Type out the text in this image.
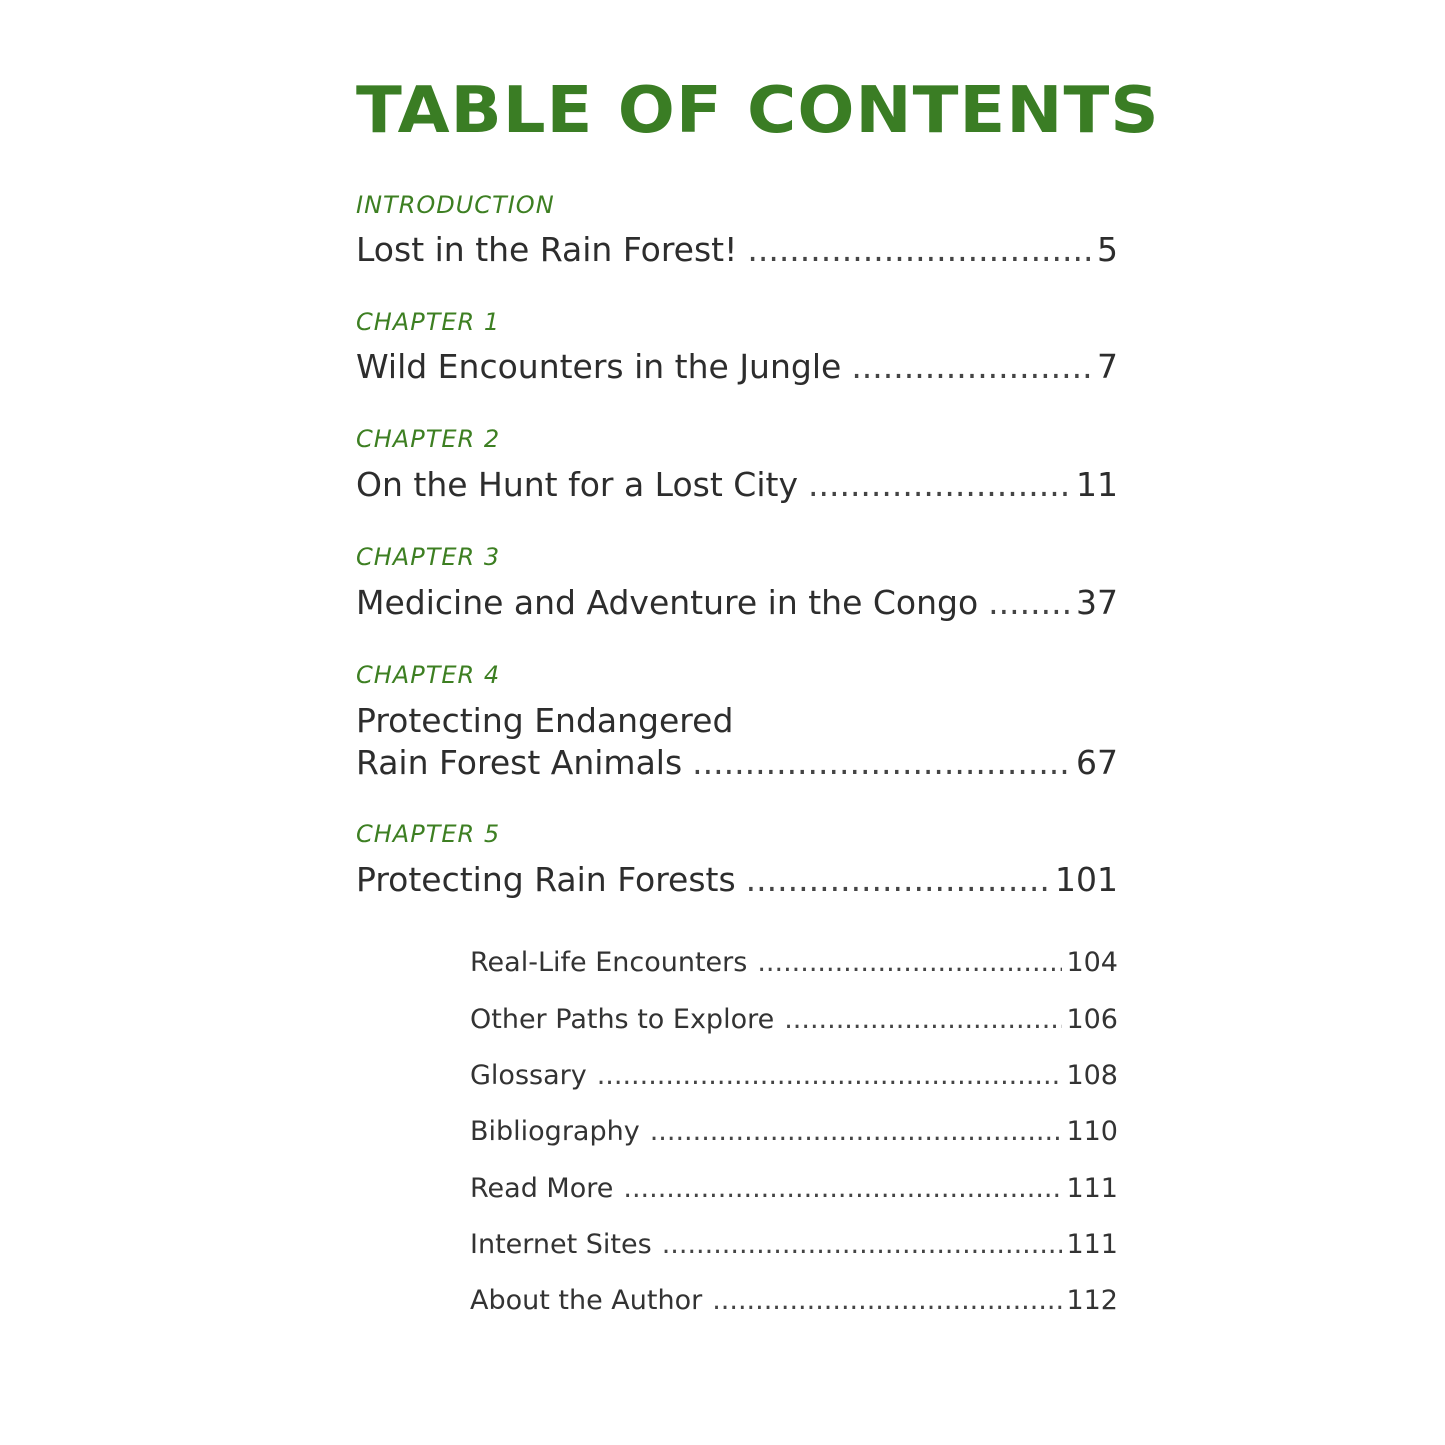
TABLE OF CONTENTS
INTRODUCTION
Lost in the Rain Forest! .....	5
CHAPTER 1
Wild Encounters in the Jungle .....	7
CHAPTER 2
On the Hunt for a Lost City .....	11
CHAPTER 3
Medicine and Adventure in the Congo .....	37
CHAPTER 4
Protecting Endangered
Rain Forest Animals .....	67
CHAPTER 5
Protecting Rain Forests .....	101
Real-Life Encounters .....	104
Other Paths to Explore .....	106
Glossary .....	108
Bibliography .....	110
Read More .....	111
Internet Sites .....	111
About the Author .....	112
